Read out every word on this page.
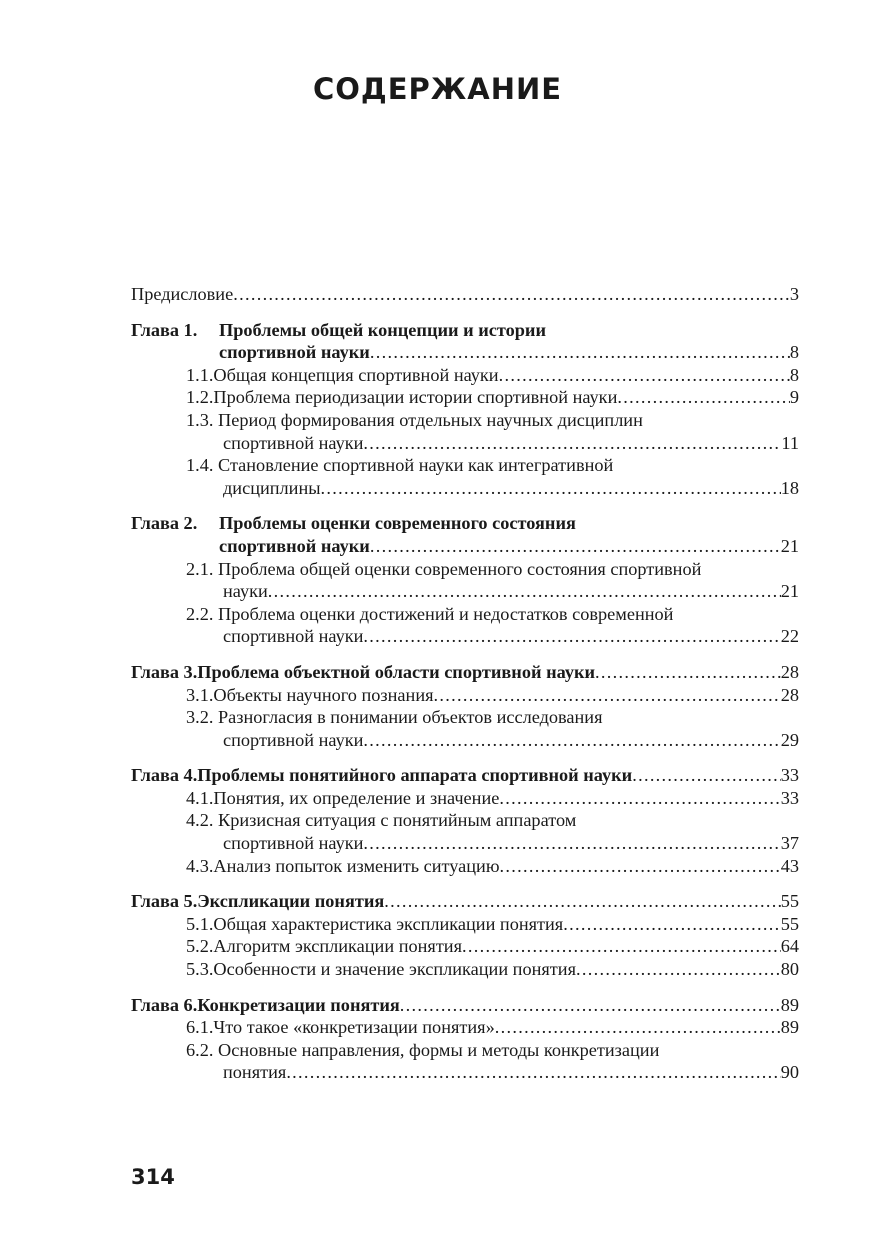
СОДЕРЖАНИЕ
Предисловие .....	3
Глава 1. Проблемы общей концепции и истории
спортивной науки .....	8
1.1. Общая концепция спортивной науки .....	8
1.2. Проблема периодизации истории спортивной науки .....	9
1.3. Период формирования отдельных научных дисциплин
спортивной науки .....	11
1.4. Становление спортивной науки как интегративной
дисциплины .....	18
Глава 2. Проблемы оценки современного состояния
спортивной науки .....	21
2.1. Проблема общей оценки современного состояния спортивной
науки .....	21
2.2. Проблема оценки достижений и недостатков современной
спортивной науки .....	22
Глава 3. Проблема объектной области спортивной науки .....	28
3.1. Объекты научного познания .....	28
3.2. Разногласия в понимании объектов исследования
спортивной науки .....	29
Глава 4. Проблемы понятийного аппарата спортивной науки .....	33
4.1. Понятия, их определение и значение .....	33
4.2. Кризисная ситуация с понятийным аппаратом
спортивной науки .....	37
4.3. Анализ попыток изменить ситуацию .....	43
Глава 5. Экспликации понятия .....	55
5.1. Общая характеристика экспликации понятия .....	55
5.2. Алгоритм экспликации понятия .....	64
5.3. Особенности и значение экспликации понятия .....	80
Глава 6. Конкретизации понятия .....	89
6.1. Что такое «конкретизации понятия» .....	89
6.2. Основные направления, формы и методы конкретизации
понятия .....	90
314
